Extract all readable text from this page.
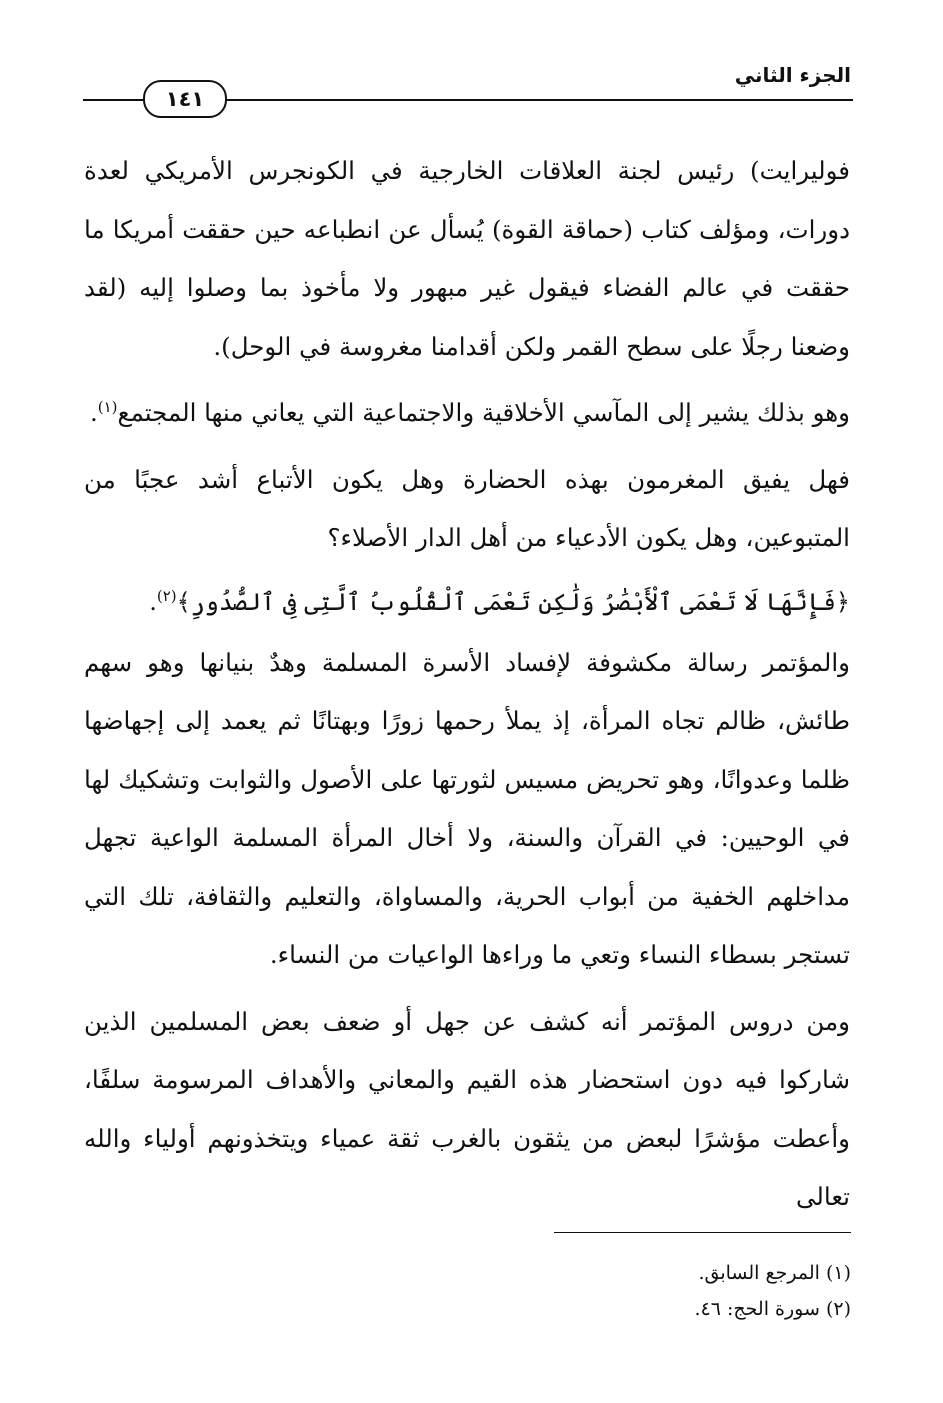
الجزء الثاني
١٤١

فوليرايت) رئيس لجنة العلاقات الخارجية في الكونجرس الأمريكي لعدة دورات، ومؤلف كتاب (حماقة القوة) يُسأل عن انطباعه حين حققت أمريكا ما حققت في عالم الفضاء فيقول غير مبهور ولا مأخوذ بما وصلوا إليه (لقد وضعنا رجلًا على سطح القمر ولكن أقدامنا مغروسة في الوحل).

وهو بذلك يشير إلى المآسي الأخلاقية والاجتماعية التي يعاني منها المجتمع$^{(١)}$.

فهل يفيق المغرمون بهذه الحضارة وهل يكون الأتباع أشد عجبًا من المتبوعين، وهل يكون الأدعياء من أهل الدار الأصلاء؟

﴿فَإِنَّهَا لَا تَعْمَى ٱلْأَبْصَٰرُ وَلَٰكِن تَعْمَى ٱلْقُلُوبُ ٱلَّتِى فِى ٱلصُّدُورِ﴾$^{(٢)}$.

والمؤتمر رسالة مكشوفة لإفساد الأسرة المسلمة وهدٌ بنيانها وهو سهم طائش، ظالم تجاه المرأة، إذ يملأ رحمها زورًا وبهتانًا ثم يعمد إلى إجهاضها ظلما وعدوانًا، وهو تحريض مسيس لثورتها على الأصول والثوابت وتشكيك لها في الوحيين: في القرآن والسنة، ولا أخال المرأة المسلمة الواعية تجهل مداخلهم الخفية من أبواب الحرية، والمساواة، والتعليم والثقافة، تلك التي تستجر بسطاء النساء وتعي ما وراءها الواعيات من النساء.

ومن دروس المؤتمر أنه كشف عن جهل أو ضعف بعض المسلمين الذين شاركوا فيه دون استحضار هذه القيم والمعاني والأهداف المرسومة سلفًا، وأعطت مؤشرًا لبعض من يثقون بالغرب ثقة عمياء ويتخذونهم أولياء والله تعالى

(١) المرجع السابق.

(٢) سورة الحج: ٤٦.
